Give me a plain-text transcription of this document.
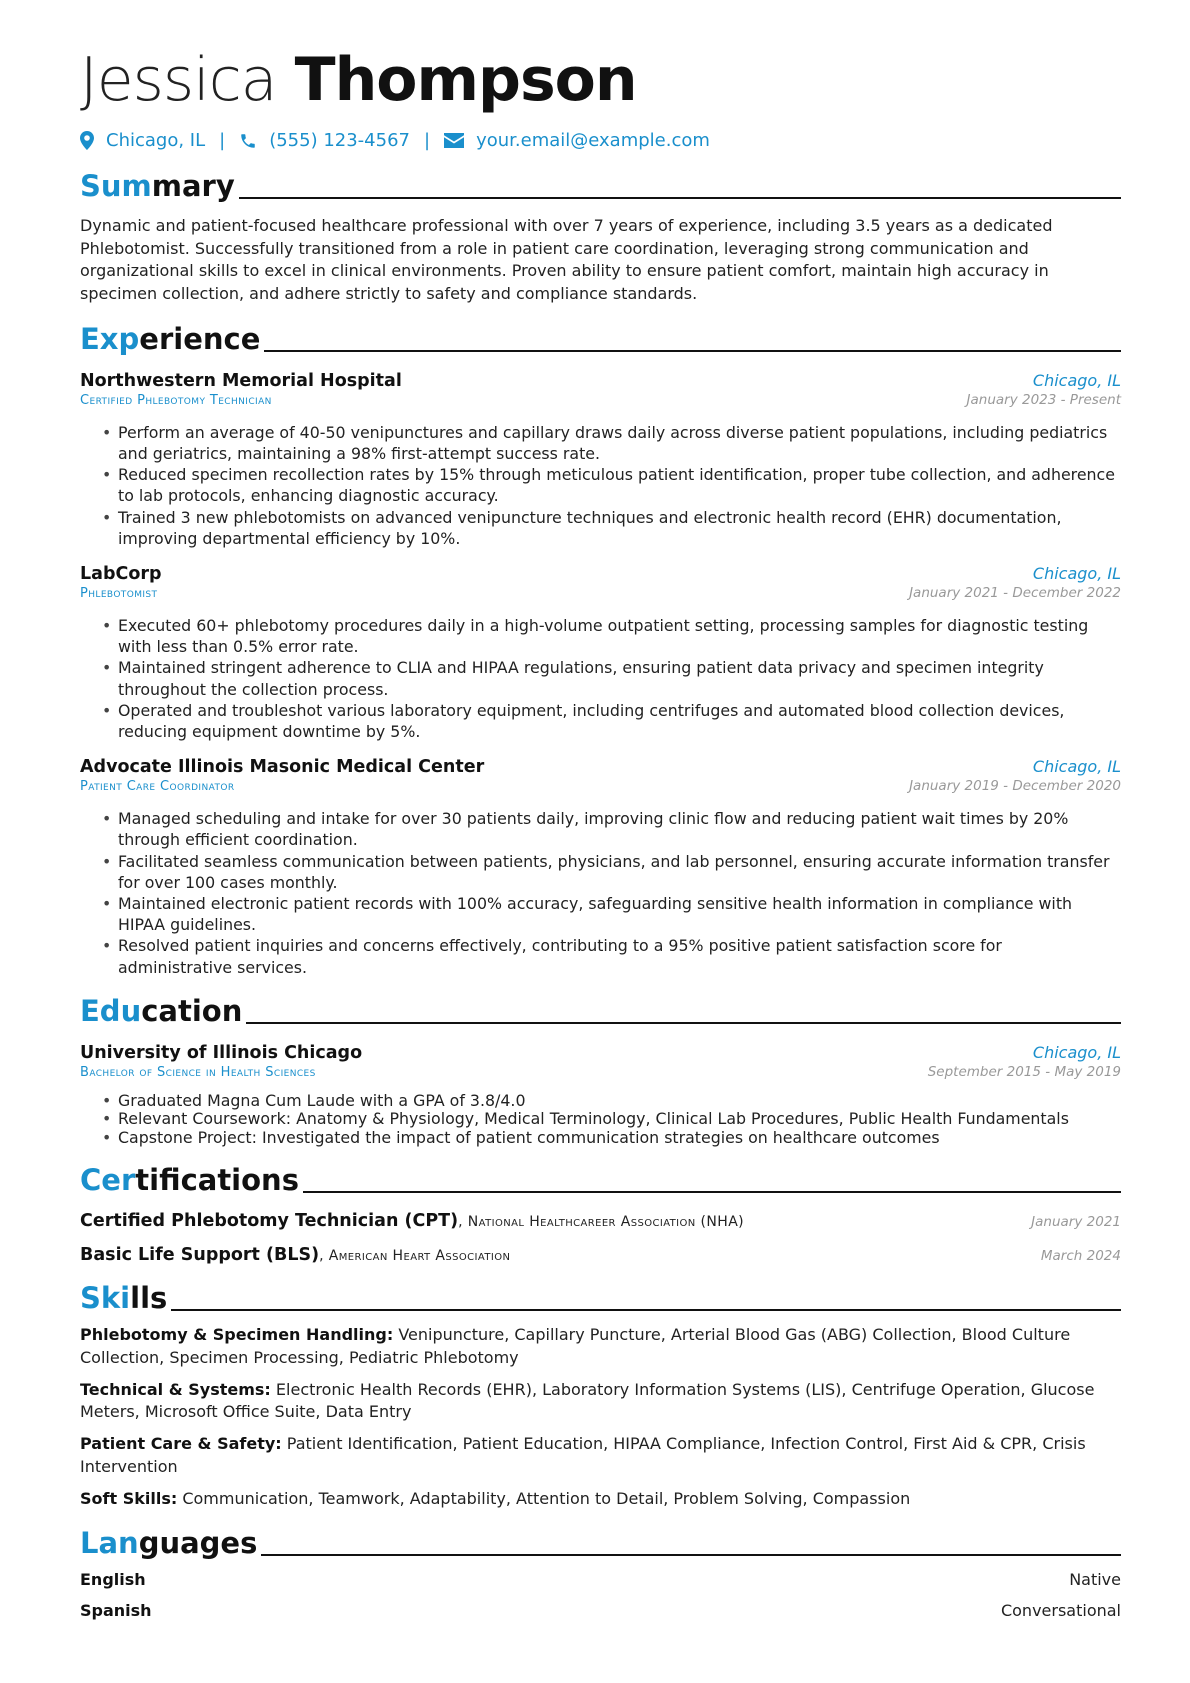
Jessica Thompson
Chicago, IL | (555) 123-4567 |	your.email@example.com
Summary
Dynamic and patient-focused healthcare professional with over 7 years of experience, including 3.5 years as a dedicated Phlebotomist. Successfully transitioned from a role in patient care coordination, leveraging strong communication and organizational skills to excel in clinical environments. Proven ability to ensure patient comfort, maintain high accuracy in specimen collection, and adhere strictly to safety and compliance standards.
Experience
Northwestern Memorial Hospital	Chicago, IL
Certified Phlebotomy Technician	January 2023 - Present
• Perform an average of 40-50 venipunctures and capillary draws daily across diverse patient populations, including pediatrics and geriatrics, maintaining a 98% first-attempt success rate.
• Reduced specimen recollection rates by 15% through meticulous patient identification, proper tube collection, and adherence to lab protocols, enhancing diagnostic accuracy.
• Trained 3 new phlebotomists on advanced venipuncture techniques and electronic health record (EHR) documentation, improving departmental efficiency by 10%.
LabCorp	Chicago, IL
Phlebotomist	January 2021 - December 2022
• Executed 60+ phlebotomy procedures daily in a high-volume outpatient setting, processing samples for diagnostic testing with less than 0.5% error rate.
• Maintained stringent adherence to CLIA and HIPAA regulations, ensuring patient data privacy and specimen integrity throughout the collection process.
• Operated and troubleshot various laboratory equipment, including centrifuges and automated blood collection devices, reducing equipment downtime by 5%.
Advocate Illinois Masonic Medical Center	Chicago, IL
Patient Care Coordinator	January 2019 - December 2020
• Managed scheduling and intake for over 30 patients daily, improving clinic flow and reducing patient wait times by 20% through efficient coordination.
• Facilitated seamless communication between patients, physicians, and lab personnel, ensuring accurate information transfer for over 100 cases monthly.
• Maintained electronic patient records with 100% accuracy, safeguarding sensitive health information in compliance with HIPAA guidelines.
• Resolved patient inquiries and concerns effectively, contributing to a 95% positive patient satisfaction score for administrative services.
Education
University of Illinois Chicago	Chicago, IL
Bachelor of Science in Health Sciences	September 2015 - May 2019
• Graduated Magna Cum Laude with a GPA of 3.8/4.0
• Relevant Coursework: Anatomy & Physiology, Medical Terminology, Clinical Lab Procedures, Public Health Fundamentals
• Capstone Project: Investigated the impact of patient communication strategies on healthcare outcomes
Certifications
Certified Phlebotomy Technician (CPT), National Healthcareer Association (NHA)	January 2021
Basic Life Support (BLS), American Heart Association	March 2024
Skills
Phlebotomy & Specimen Handling: Venipuncture, Capillary Puncture, Arterial Blood Gas (ABG) Collection, Blood Culture Collection, Specimen Processing, Pediatric Phlebotomy
Technical & Systems: Electronic Health Records (EHR), Laboratory Information Systems (LIS), Centrifuge Operation, Glucose Meters, Microsoft Office Suite, Data Entry
Patient Care & Safety: Patient Identification, Patient Education, HIPAA Compliance, Infection Control, First Aid & CPR, Crisis Intervention
Soft Skills: Communication, Teamwork, Adaptability, Attention to Detail, Problem Solving, Compassion
Languages
English	Native
Spanish	Conversational
